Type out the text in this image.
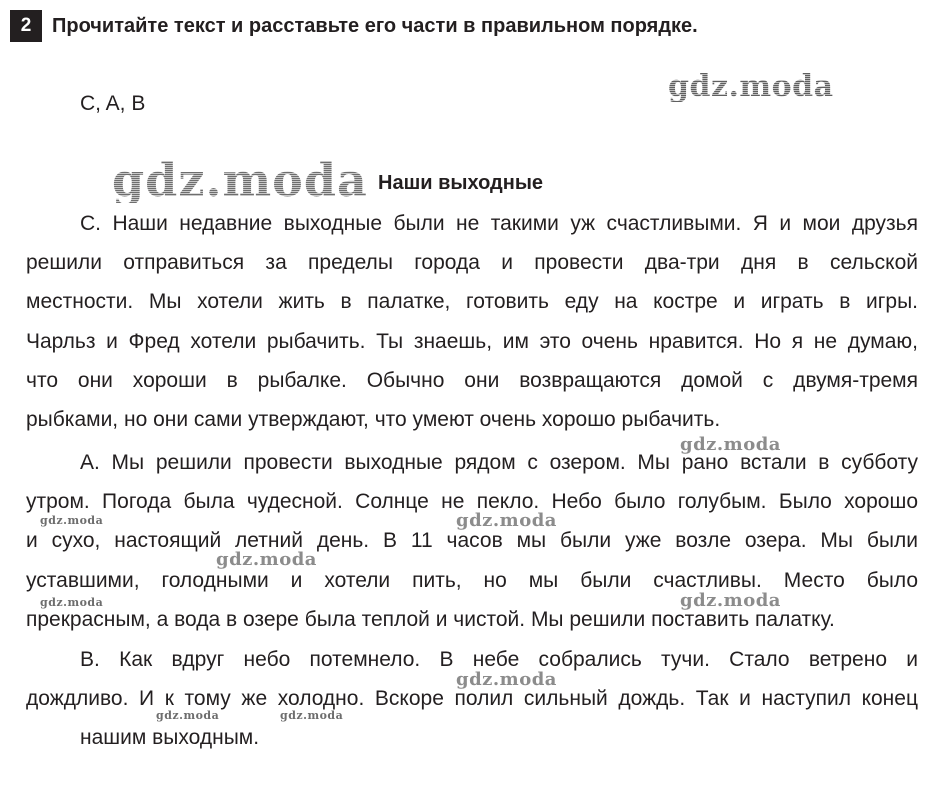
2	Прочитайте текст и расставьте его части в правильном порядке.
C, A, B
Наши выходные
C. Наши недавние выходные были не такими уж счастливыми. Я и мои друзья
решили отправиться за пределы города и провести два-три дня в сельской
местности. Мы хотели жить в палатке, готовить еду на костре и играть в игры.
Чарльз и Фред хотели рыбачить. Ты знаешь, им это очень нравится. Но я не думаю,
что они хороши в рыбалке. Обычно они возвращаются домой с двумя-тремя
рыбками, но они сами утверждают, что умеют очень хорошо рыбачить.
A. Мы решили провести выходные рядом с озером. Мы рано встали в субботу
утром. Погода была чудесной. Солнце не пекло. Небо было голубым. Было хорошо
и сухо, настоящий летний день. В 11 часов мы были уже возле озера. Мы были
уставшими, голодными и хотели пить, но мы были счастливы. Место было
прекрасным, а вода в озере была теплой и чистой. Мы решили поставить палатку.
B. Как вдруг небо потемнело. В небе собрались тучи. Стало ветрено и
дождливо. И к тому же холодно. Вскоре полил сильный дождь. Так и наступил конец
нашим выходным.
gdz.moda
gdz.moda
gdz.moda
gdz.moda
gdz.moda
gdz.moda
gdz.moda
gdz.moda
gdz.moda
gdz.moda	gdz.moda
